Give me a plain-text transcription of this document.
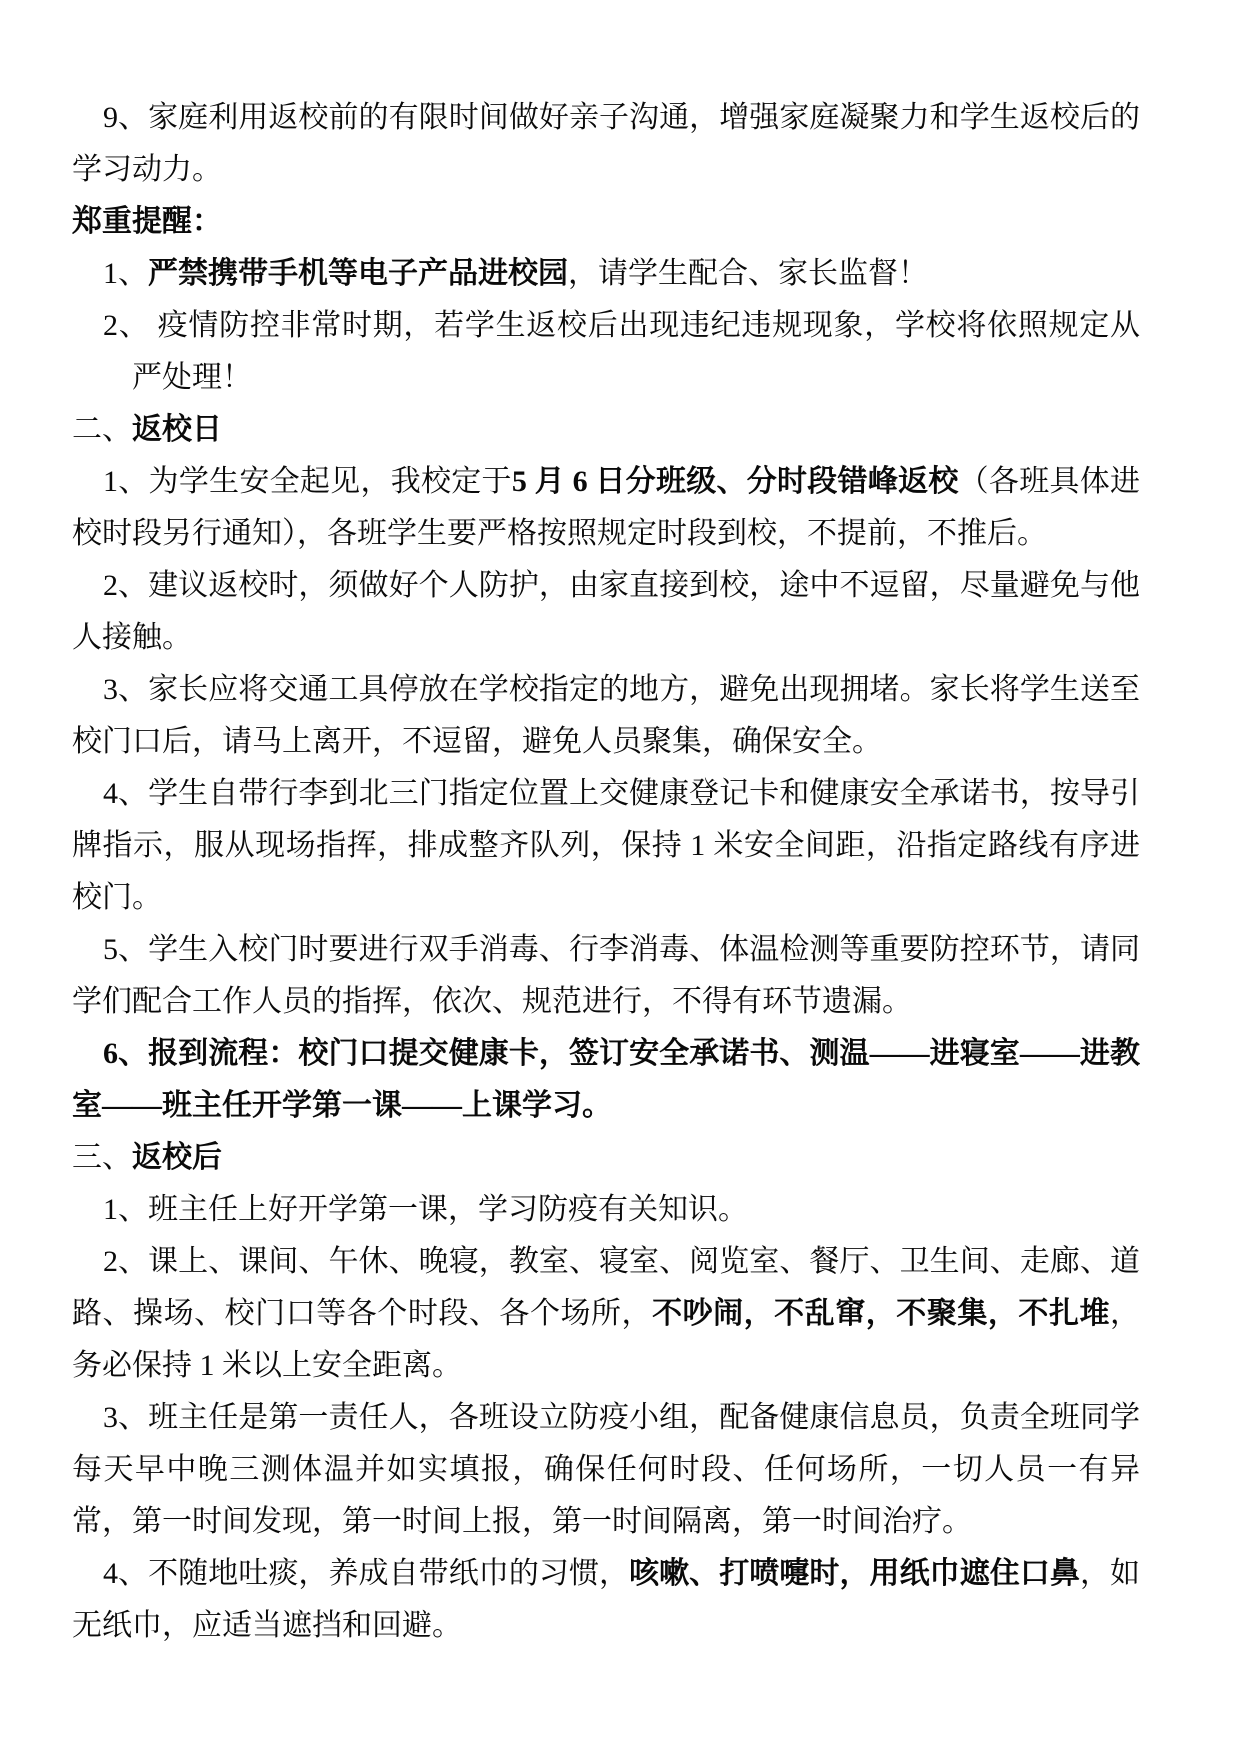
9、家庭利用返校前的有限时间做好亲子沟通，增强家庭凝聚力和学生返校后的学习动力。

郑重提醒：

1、严禁携带手机等电子产品进校园，请学生配合、家长监督！

2、 疫情防控非常时期，若学生返校后出现违纪违规现象，学校将依照规定从严处理！

二、返校日

1、为学生安全起见，我校定于5 月 6 日分班级、分时段错峰返校（各班具体进校时段另行通知），各班学生要严格按照规定时段到校，不提前，不推后。

2、建议返校时，须做好个人防护，由家直接到校，途中不逗留，尽量避免与他人接触。

3、家长应将交通工具停放在学校指定的地方，避免出现拥堵。家长将学生送至校门口后，请马上离开，不逗留，避免人员聚集，确保安全。

4、学生自带行李到北三门指定位置上交健康登记卡和健康安全承诺书，按导引牌指示，服从现场指挥，排成整齐队列，保持 1 米安全间距，沿指定路线有序进校门。

5、学生入校门时要进行双手消毒、行李消毒、体温检测等重要防控环节，请同学们配合工作人员的指挥，依次、规范进行，不得有环节遗漏。

6、报到流程：校门口提交健康卡，签订安全承诺书、测温——进寝室——进教室——班主任开学第一课——上课学习。

三、返校后

1、班主任上好开学第一课，学习防疫有关知识。

2、课上、课间、午休、晚寝，教室、寝室、阅览室、餐厅、卫生间、走廊、道路、操场、校门口等各个时段、各个场所，不吵闹，不乱窜，不聚集，不扎堆，务必保持 1 米以上安全距离。

3、班主任是第一责任人，各班设立防疫小组，配备健康信息员，负责全班同学每天早中晚三测体温并如实填报，确保任何时段、任何场所，一切人员一有异常，第一时间发现，第一时间上报，第一时间隔离，第一时间治疗。

4、不随地吐痰，养成自带纸巾的习惯，咳嗽、打喷嚏时，用纸巾遮住口鼻，如无纸巾，应适当遮挡和回避。
